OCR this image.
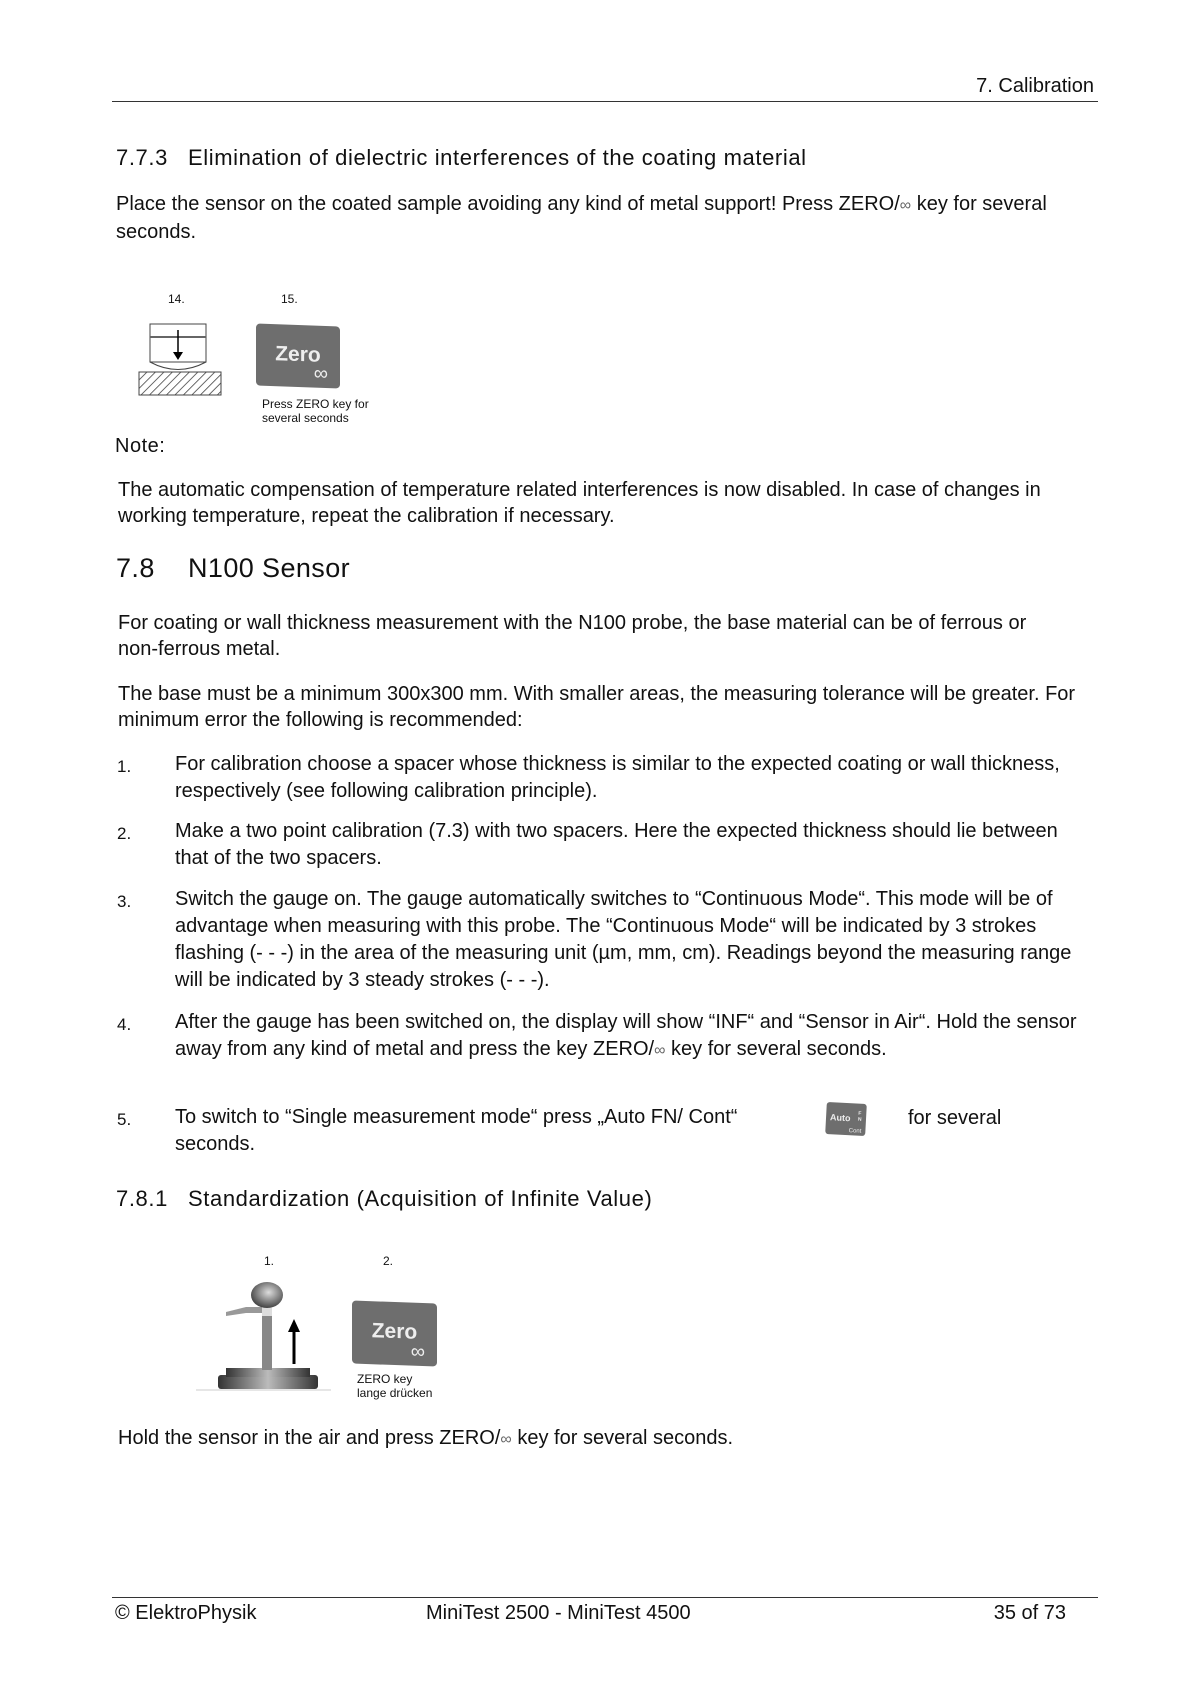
7. Calibration
7.7.3 Elimination of dielectric interferences of the coating material
Place the sensor on the coated sample avoiding any kind of metal support! Press ZERO/∞ key for several seconds.
14.	15.
Zero
∞
Press ZERO key for
several seconds
Note:
The automatic compensation of temperature related interferences is now disabled. In case of changes in working temperature, repeat the calibration if necessary.
7.8 N100 Sensor
For coating or wall thickness measurement with the N100 probe, the base material can be of ferrous or non-ferrous metal.
The base must be a minimum 300x300 mm. With smaller areas, the measuring tolerance will be greater. For minimum error the following is recommended:
1. For calibration choose a spacer whose thickness is similar to the expected coating or wall thickness, respectively (see following calibration principle).
2. Make a two point calibration (7.3) with two spacers. Here the expected thickness should lie between that of the two spacers.
3. Switch the gauge on. The gauge automatically switches to “Continuous Mode“. This mode will be of advantage when measuring with this probe. The “Continuous Mode“ will be indicated by 3 strokes flashing (- - -) in the area of the measuring unit (µm, mm, cm). Readings beyond the measuring range will be indicated by 3 steady strokes (- - -).
4. After the gauge has been switched on, the display will show “INF“ and “Sensor in Air“. Hold the sensor away from any kind of metal and press the key ZERO/∞ key for several seconds.
5. To switch to “Single measurement mode“ press „Auto FN/ Cont“
seconds.
Auto F N
Cont
for several
7.8.1 Standardization (Acquisition of Infinite Value)
1.	2.
Zero
∞
ZERO key
lange drücken
Hold the sensor in the air and press ZERO/∞ key for several seconds.
© ElektroPhysik	MiniTest 2500 - MiniTest 4500	35 of 73
